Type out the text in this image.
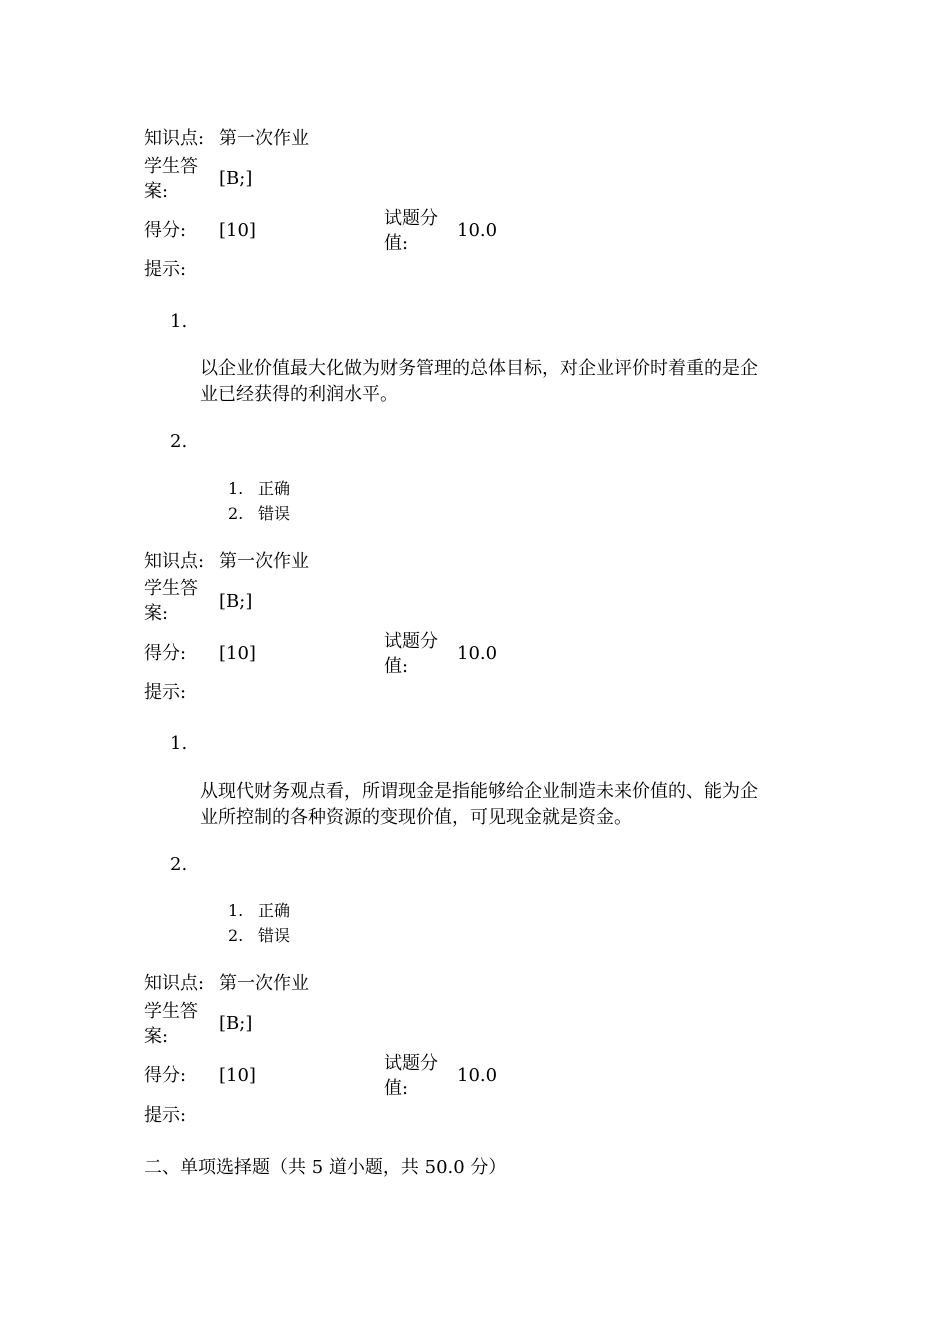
知识点: 第一次作业
学生答
案:
[B;]
得分: [10]
试题分
值:
10.0
提示:
1.
以企业价值最大化做为财务管理的总体目标，对企业评价时着重的是企
业已经获得的利润水平。
2.
1. 正确
2. 错误
知识点: 第一次作业
学生答
案:
[B;]
得分: [10]
试题分
值:
10.0
提示:
1.
从现代财务观点看，所谓现金是指能够给企业制造未来价值的、能为企
业所控制的各种资源的变现价值，可见现金就是资金。
2.
1. 正确
2. 错误
知识点: 第一次作业
学生答
案:
[B;]
得分: [10]
试题分
值:
10.0
提示:
二、单项选择题（共 5 道小题，共 50.0 分）
